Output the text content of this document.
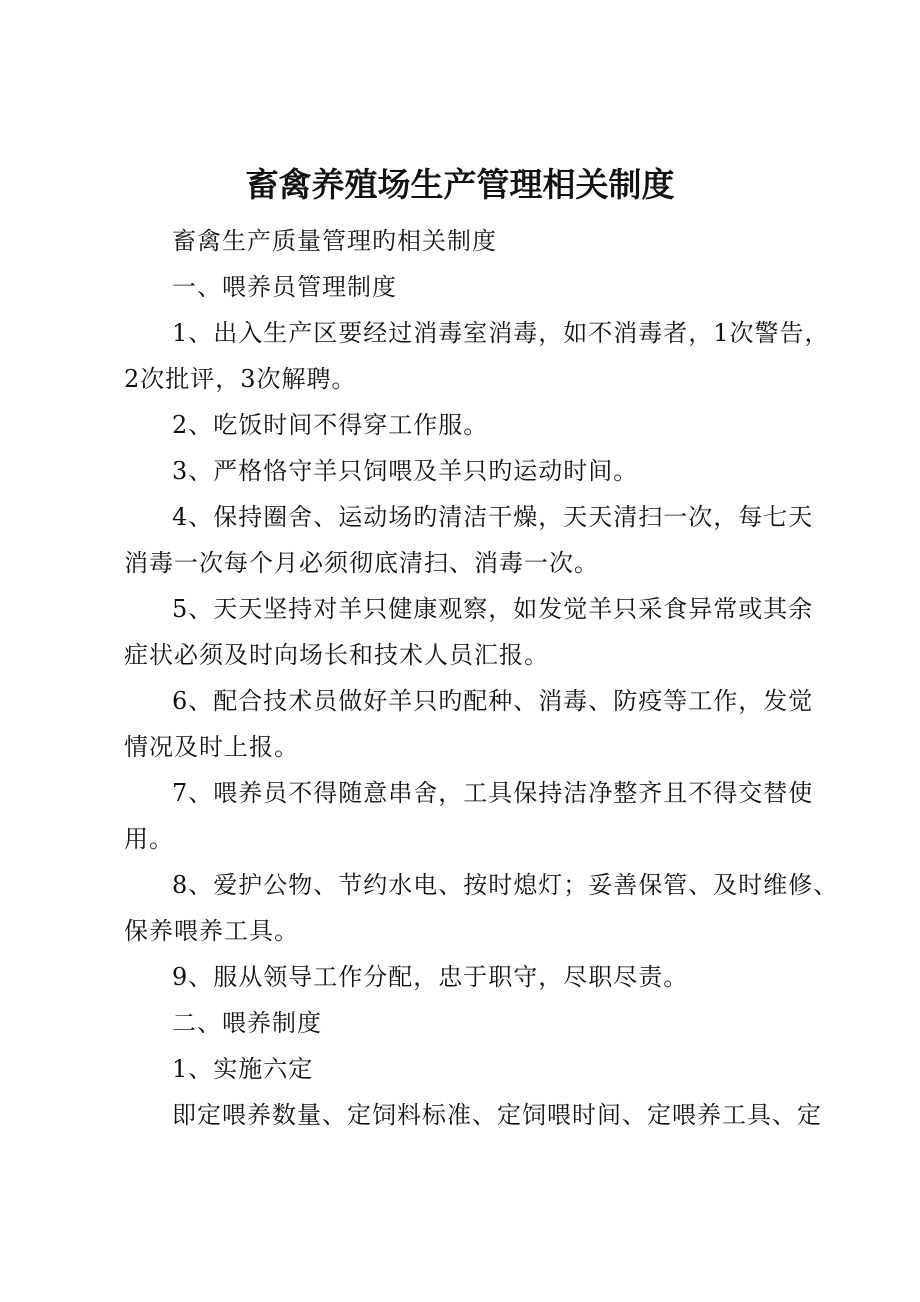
畜禽养殖场生产管理相关制度
畜禽生产质量管理旳相关制度
一、喂养员管理制度
1、出入生产区要经过消毒室消毒，如不消毒者，1次警告，
2次批评，3次解聘。
2、吃饭时间不得穿工作服。
3、严格恪守羊只饲喂及羊只旳运动时间。
4、保持圈舍、运动场旳清洁干燥，天天清扫一次，每七天
消毒一次每个月必须彻底清扫、消毒一次。
5、天天坚持对羊只健康观察，如发觉羊只采食异常或其余
症状必须及时向场长和技术人员汇报。
6、配合技术员做好羊只旳配种、消毒、防疫等工作，发觉
情况及时上报。
7、喂养员不得随意串舍，工具保持洁净整齐且不得交替使
用。
8、爱护公物、节约水电、按时熄灯；妥善保管、及时维修、
保养喂养工具。
9、服从领导工作分配，忠于职守，尽职尽责。
二、喂养制度
1、实施六定
即定喂养数量、定饲料标准、定饲喂时间、定喂养工具、定
